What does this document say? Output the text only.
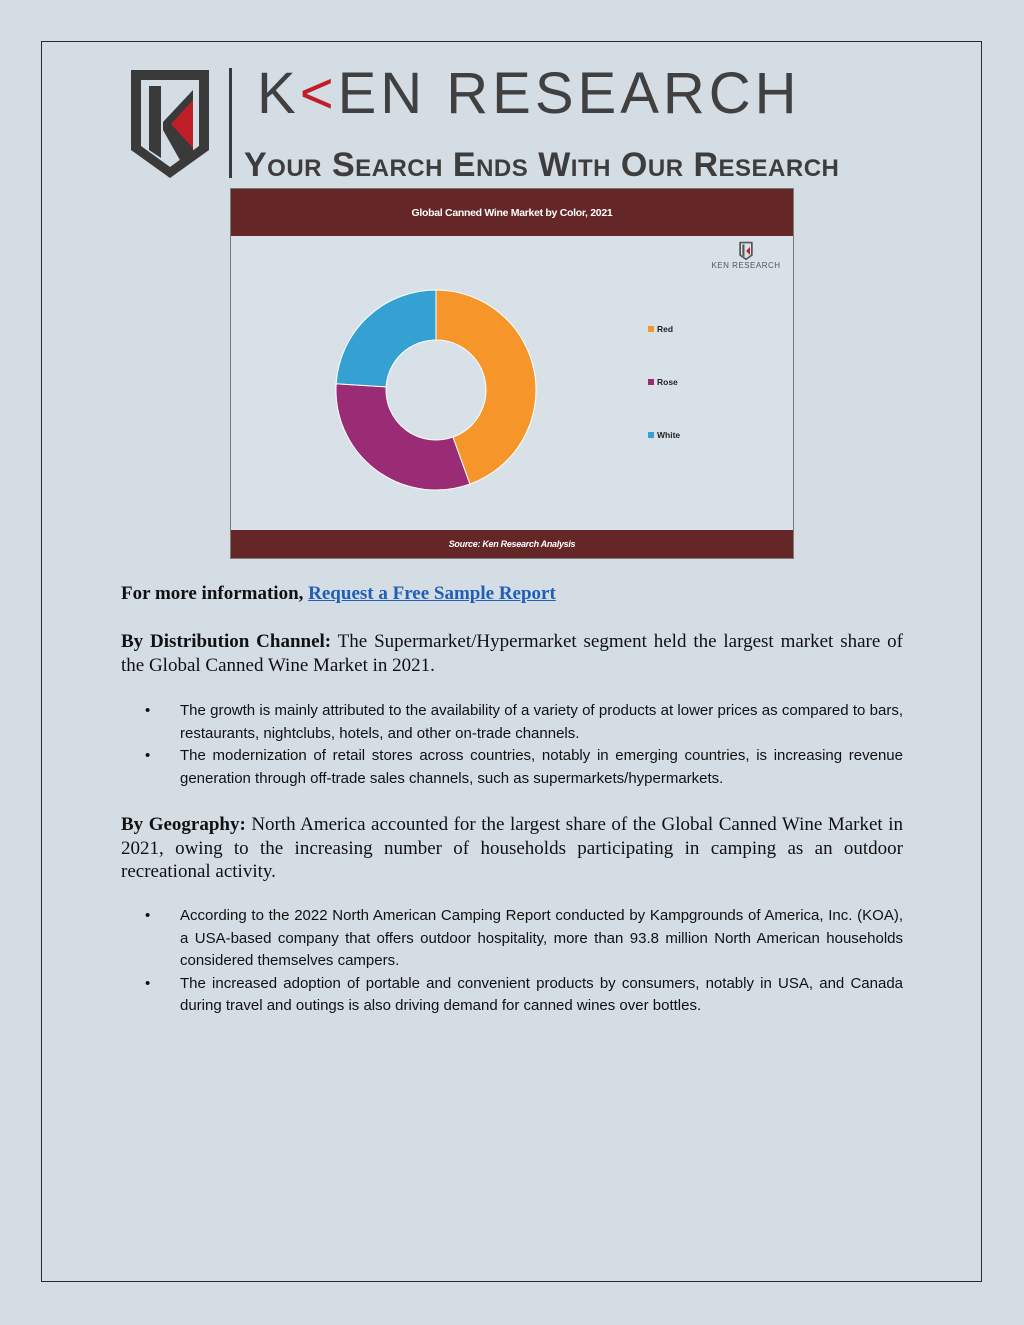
K<EN RESEARCH
Your Search Ends With Our Research
Global Canned Wine Market by Color, 2021
KEN RESEARCH
Red
Rose
White
Source: Ken Research Analysis
For more information, Request a Free Sample Report
By Distribution Channel: The Supermarket/Hypermarket segment held the largest market share of the Global Canned Wine Market in 2021.
• The growth is mainly attributed to the availability of a variety of products at lower prices as compared to bars, restaurants, nightclubs, hotels, and other on-trade channels.
• The modernization of retail stores across countries, notably in emerging countries, is increasing revenue generation through off-trade sales channels, such as supermarkets/hypermarkets.
By Geography: North America accounted for the largest share of the Global Canned Wine Market in 2021, owing to the increasing number of households participating in camping as an outdoor recreational activity.
• According to the 2022 North American Camping Report conducted by Kampgrounds of America, Inc. (KOA), a USA-based company that offers outdoor hospitality, more than 93.8 million North American households considered themselves campers.
• The increased adoption of portable and convenient products by consumers, notably in USA, and Canada during travel and outings is also driving demand for canned wines over bottles.
